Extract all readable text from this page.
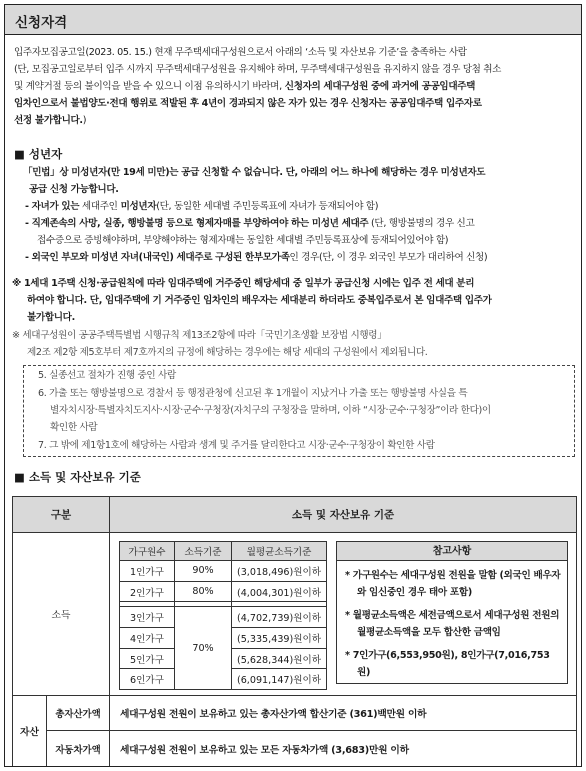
신청자격
입주자모집공고일(2023. 05. 15.) 현재 무주택세대구성원으로서 아래의 ‘소득 및 자산보유 기준’을 충족하는 사람
(단, 모집공고일로부터 입주 시까지 무주택세대구성원을 유지해야 하며, 무주택세대구성원을 유지하지 않을 경우 당첨 취소
및 계약거절 등의 불이익을 받을 수 있으니 이점 유의하시기 바라며, 신청자의 세대구성원 중에 과거에 공공임대주택
임차인으로서 불법양도·전대 행위로 적발된 후 4년이 경과되지 않은 자가 있는 경우 신청자는 공공임대주택 입주자로
선정 불가합니다.)
■ 성년자
「민법」상 미성년자(만 19세 미만)는 공급 신청할 수 없습니다. 단, 아래의 어느 하나에 해당하는 경우 미성년자도
공급 신청 가능합니다.
- 자녀가 있는 세대주인 미성년자(단, 동일한 세대별 주민등록표에 자녀가 등재되어야 함)
- 직계존속의 사망, 실종, 행방불명 등으로 형제자매를 부양하여야 하는 미성년 세대주 (단, 행방불명의 경우 신고
접수증으로 증빙해야하며, 부양해야하는 형제자매는 동일한 세대별 주민등록표상에 등재되어있어야 함)
- 외국인 부모와 미성년 자녀(내국인) 세대주로 구성된 한부모가족인 경우(단, 이 경우 외국인 부모가 대리하여 신청)
※ 1세대 1주택 신청·공급원칙에 따라 임대주택에 거주중인 해당세대 중 일부가 공급신청 시에는 입주 전 세대 분리
하여야 합니다. 단, 임대주택에 기 거주중인 임차인의 배우자는 세대분리 하더라도 중복입주로서 본 임대주택 입주가
불가합니다.
※ 세대구성원이 공공주택특별법 시행규칙 제13조2항에 따라「국민기초생활 보장법 시행령」
제2조 제2항 제5호부터 제7호까지의 규정에 해당하는 경우에는 해당 세대의 구성원에서 제외됩니다.
5. 실종선고 절차가 진행 중인 사람
6. 가출 또는 행방불명으로 경찰서 등 행정관청에 신고된 후 1개월이 지났거나 가출 또는 행방불명 사실을 특
별자치시장·특별자치도지사·시장·군수·구청장(자치구의 구청장을 말하며, 이하 “시장·군수·구청장”이라 한다)이
확인한 사람
7. 그 밖에 제1항1호에 해당하는 사람과 생계 및 주거를 달리한다고 시장·군수·구청장이 확인한 사람
■ 소득 및 자산보유 기준
구분	소득 및 자산보유 기준
소득	
가구원수	소득기준	월평균소득기준
1인가구	90%	(3,018,496)원이하
2인가구	80%	(4,004,301)원이하

3인가구	70%	(4,702,739)원이하
4인가구	(5,335,439)원이하
5인가구	(5,628,344)원이하
6인가구	(6,091,147)원이하
참고사항
* 가구원수는 세대구성원 전원을 말함 (외국인 배우자와 임신중인 경우 태아 포함)
* 월평균소득액은 세전금액으로서 세대구성원 전원의 월평균소득액을 모두 합산한 금액임
* 7인가구(6,553,950원), 8인가구(7,016,753원)

자산	총자산가액	세대구성원 전원이 보유하고 있는 총자산가액 합산기준 (361)백만원 이하
자동차가액	세대구성원 전원이 보유하고 있는 모든 자동차가액 (3,683)만원 이하
